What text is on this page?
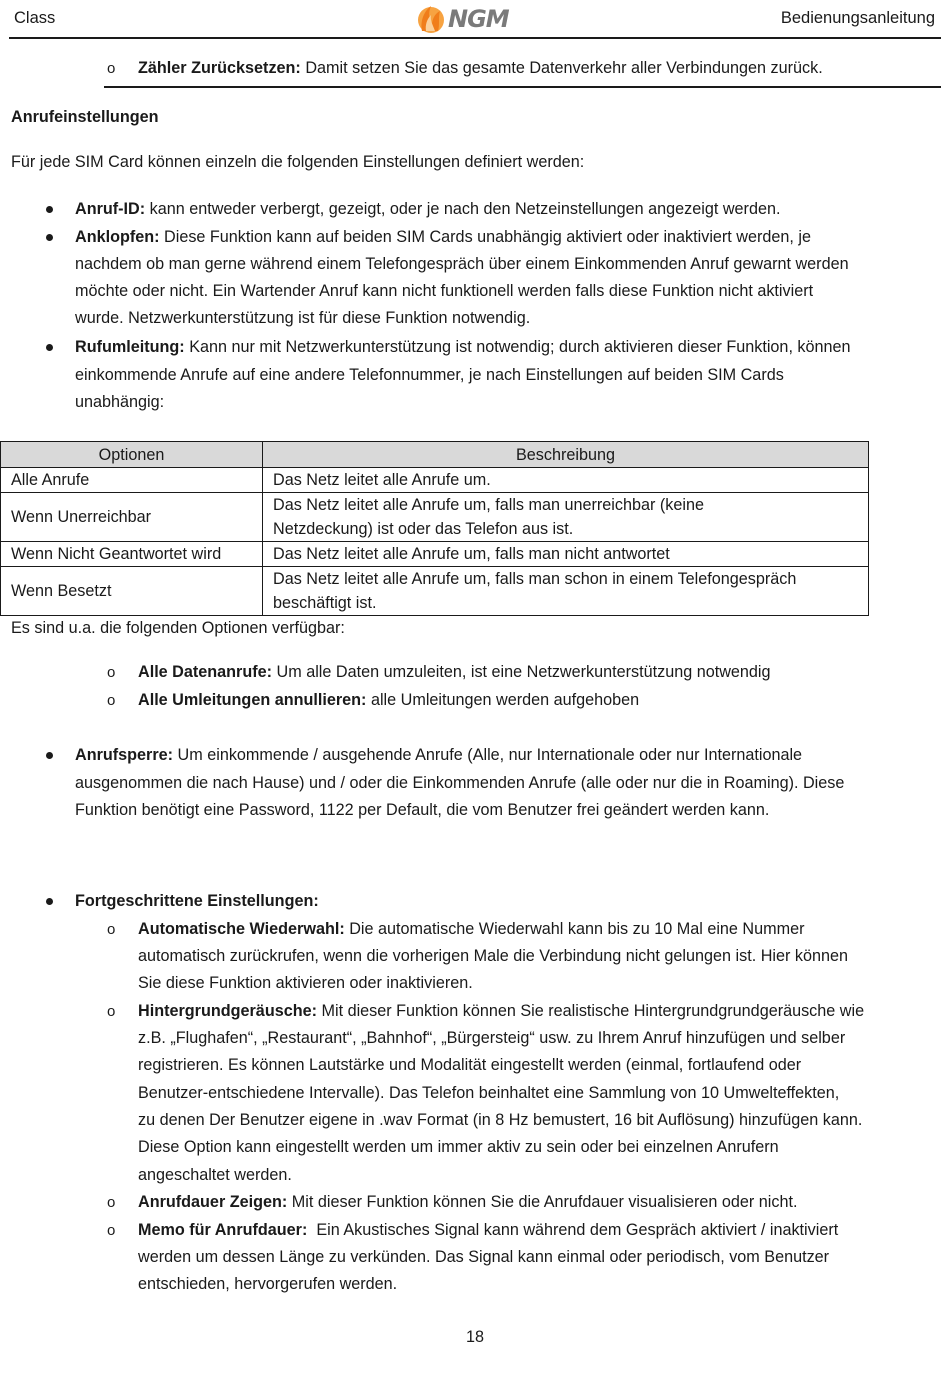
Class	NGM	Bedienungsanleitung
o Zähler Zurücksetzen: Damit setzen Sie das gesamte Datenverkehr aller Verbindungen zurück.
Anrufeinstellungen
Für jede SIM Card können einzeln die folgenden Einstellungen definiert werden:
Anruf-ID: kann entweder verbergt, gezeigt, oder je nach den Netzeinstellungen angezeigt werden.
Anklopfen: Diese Funktion kann auf beiden SIM Cards unabhängig aktiviert oder inaktiviert werden, je
nachdem ob man gerne während einem Telefongespräch über einem Einkommenden Anruf gewarnt werden
möchte oder nicht. Ein Wartender Anruf kann nicht funktionell werden falls diese Funktion nicht aktiviert
wurde. Netzwerkunterstützung ist für diese Funktion notwendig.
Rufumleitung: Kann nur mit Netzwerkunterstützung ist notwendig; durch aktivieren dieser Funktion, können
einkommende Anrufe auf eine andere Telefonnummer, je nach Einstellungen auf beiden SIM Cards
unabhängig:
Optionen	Beschreibung
Alle Anrufe	Das Netz leitet alle Anrufe um.

Wenn Unerreichbar	Das Netz leitet alle Anrufe um, falls man unerreichbar (keine
Netzdeckung) ist oder das Telefon aus ist.

Wenn Nicht Geantwortet wird	Das Netz leitet alle Anrufe um, falls man nicht antwortet

Wenn Besetzt	Das Netz leitet alle Anrufe um, falls man schon in einem Telefongespräch
beschäftigt ist.
Es sind u.a. die folgenden Optionen verfügbar:
o Alle Datenanrufe: Um alle Daten umzuleiten, ist eine Netzwerkunterstützung notwendig
o Alle Umleitungen annullieren: alle Umleitungen werden aufgehoben
Anrufsperre: Um einkommende / ausgehende Anrufe (Alle, nur Internationale oder nur Internationale
ausgenommen die nach Hause) und / oder die Einkommenden Anrufe (alle oder nur die in Roaming). Diese
Funktion benötigt eine Password, 1122 per Default, die vom Benutzer frei geändert werden kann.
Fortgeschrittene Einstellungen:
o Automatische Wiederwahl: Die automatische Wiederwahl kann bis zu 10 Mal eine Nummer
automatisch zurückrufen, wenn die vorherigen Male die Verbindung nicht gelungen ist. Hier können
Sie diese Funktion aktivieren oder inaktivieren.
o Hintergrundgeräusche: Mit dieser Funktion können Sie realistische Hintergrundgrundgeräusche wie
z.B. „Flughafen“, „Restaurant“, „Bahnhof“, „Bürgersteig“ usw. zu Ihrem Anruf hinzufügen und selber
registrieren. Es können Lautstärke und Modalität eingestellt werden (einmal, fortlaufend oder
Benutzer-entschiedene Intervalle). Das Telefon beinhaltet eine Sammlung von 10 Umwelteffekten,
zu denen Der Benutzer eigene in .wav Format (in 8 Hz bemustert, 16 bit Auflösung) hinzufügen kann.
Diese Option kann eingestellt werden um immer aktiv zu sein oder bei einzelnen Anrufern
angeschaltet werden.
o Anrufdauer Zeigen: Mit dieser Funktion können Sie die Anrufdauer visualisieren oder nicht.
o Memo für Anrufdauer:  Ein Akustisches Signal kann während dem Gespräch aktiviert / inaktiviert
werden um dessen Länge zu verkünden. Das Signal kann einmal oder periodisch, vom Benutzer
entschieden, hervorgerufen werden.
18
